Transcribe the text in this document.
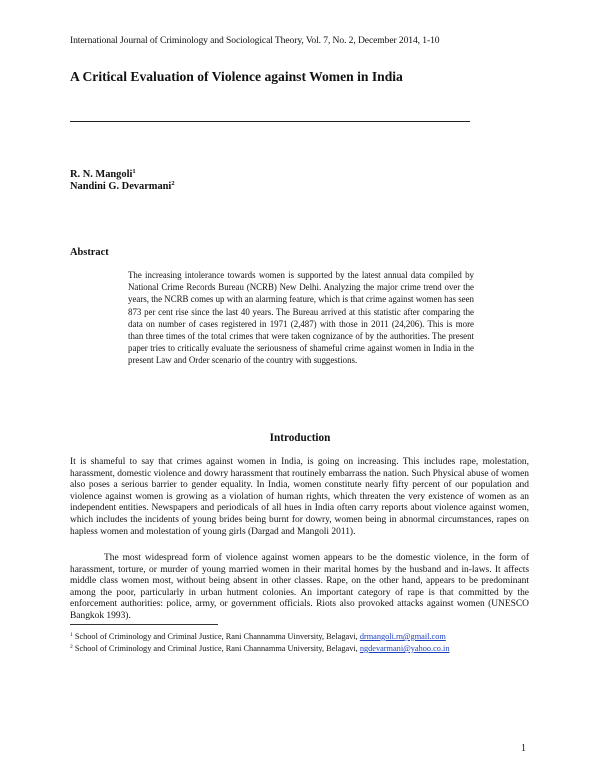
International Journal of Criminology and Sociological Theory, Vol. 7, No. 2, December 2014, 1-10
A Critical Evaluation of Violence against Women in India
R. N. Mangoli$^1$
Nandini G. Devarmani$^2$
Abstract
The increasing intolerance towards women is supported by the latest annual data compiled by National Crime Records Bureau (NCRB) New Delhi. Analyzing the major crime trend over the years, the NCRB comes up with an alarming feature, which is that crime against women has seen 873 per cent rise since the last 40 years. The Bureau arrived at this statistic after comparing the data on number of cases registered in 1971 (2,487) with those in 2011 (24,206). This is more than three times of the total crimes that were taken cognizance of by the authorities. The present paper tries to critically evaluate the seriousness of shameful crime against women in India in the present Law and Order scenario of the country with suggestions.
Introduction
It is shameful to say that crimes against women in India, is going on increasing. This includes rape, molestation, harassment, domestic violence and dowry harassment that routinely embarrass the nation. Such Physical abuse of women also poses a serious barrier to gender equality. In India, women constitute nearly fifty percent of our population and violence against women is growing as a violation of human rights, which threaten the very existence of women as an independent entities. Newspapers and periodicals of all hues in India often carry reports about violence against women, which includes the incidents of young brides being burnt for dowry, women being in abnormal circumstances, rapes on hapless women and molestation of young girls (Dargad and Mangoli 2011).
The most widespread form of violence against women appears to be the domestic violence, in the form of harassment, torture, or murder of young married women in their marital homes by the husband and in-laws. It affects middle class women most, without being absent in other classes. Rape, on the other hand, appears to be predominant among the poor, particularly in urban hutment colonies. An important category of rape is that committed by the enforcement authorities: police, army, or government officials. Riots also provoked attacks against women (UNESCO Bangkok 1993).
$^1$ School of Criminology and Criminal Justice, Rani Channamma Uinversity, Belagavi, drmangoli.rn@gmail.com
$^2$ School of Criminology and Criminal Justice, Rani Channamma University, Belagavi, ngdevarmani@yahoo.co.in
1
